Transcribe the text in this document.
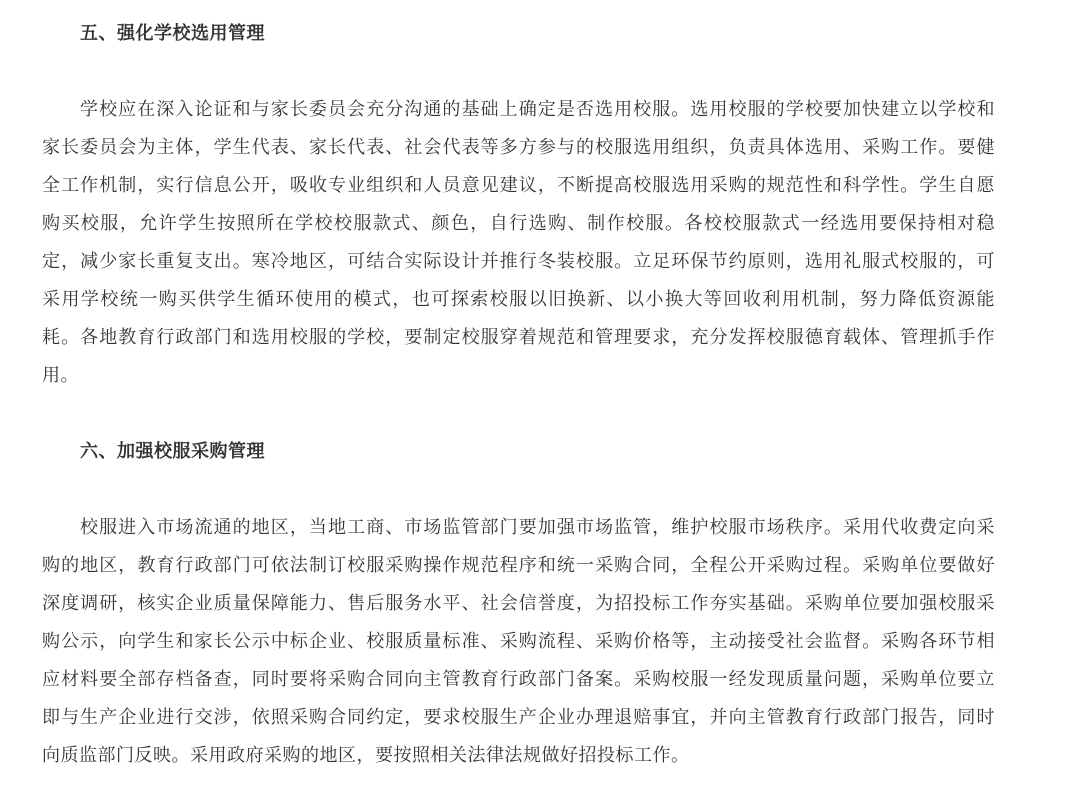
五、强化学校选用管理
学校应在深入论证和与家长委员会充分沟通的基础上确定是否选用校服。选用校服的学校要加快建立以学校和
家长委员会为主体，学生代表、家长代表、社会代表等多方参与的校服选用组织，负责具体选用、采购工作。要健
全工作机制，实行信息公开，吸收专业组织和人员意见建议，不断提高校服选用采购的规范性和科学性。学生自愿
购买校服，允许学生按照所在学校校服款式、颜色，自行选购、制作校服。各校校服款式一经选用要保持相对稳
定，减少家长重复支出。寒冷地区，可结合实际设计并推行冬装校服。立足环保节约原则，选用礼服式校服的，可
采用学校统一购买供学生循环使用的模式，也可探索校服以旧换新、以小换大等回收利用机制，努力降低资源能
耗。各地教育行政部门和选用校服的学校，要制定校服穿着规范和管理要求，充分发挥校服德育载体、管理抓手作
用。
六、加强校服采购管理
校服进入市场流通的地区，当地工商、市场监管部门要加强市场监管，维护校服市场秩序。采用代收费定向采
购的地区，教育行政部门可依法制订校服采购操作规范程序和统一采购合同，全程公开采购过程。采购单位要做好
深度调研，核实企业质量保障能力、售后服务水平、社会信誉度，为招投标工作夯实基础。采购单位要加强校服采
购公示，向学生和家长公示中标企业、校服质量标准、采购流程、采购价格等，主动接受社会监督。采购各环节相
应材料要全部存档备查，同时要将采购合同向主管教育行政部门备案。采购校服一经发现质量问题，采购单位要立
即与生产企业进行交涉，依照采购合同约定，要求校服生产企业办理退赔事宜，并向主管教育行政部门报告，同时
向质监部门反映。采用政府采购的地区，要按照相关法律法规做好招投标工作。
